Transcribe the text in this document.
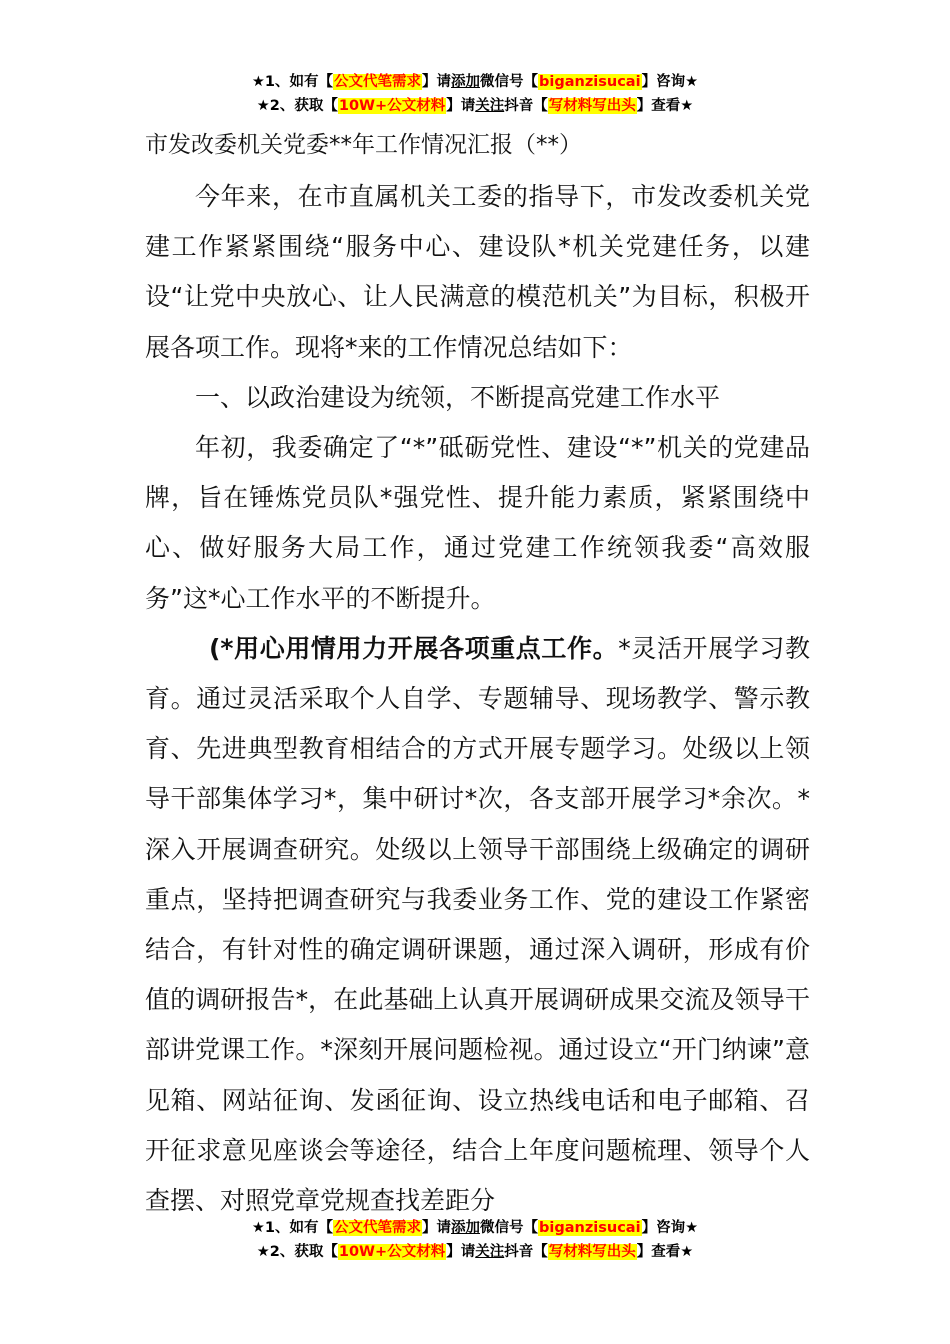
★1、如有【公文代笔需求】请添加微信号【biganzisucai】咨询★
★2、获取【10W+公文材料】请关注抖音【写材料写出头】查看★
市发改委机关党委**年工作情况汇报（**）

今年来，在市直属机关工委的指导下，市发改委机关党建工作紧紧围绕“服务中心、建设队*机关党建任务，以建设“让党中央放心、让人民满意的模范机关”为目标，积极开展各项工作。现将*来的工作情况总结如下：

一、以政治建设为统领，不断提高党建工作水平

年初，我委确定了“*”砥砺党性、建设“*”机关的党建品牌，旨在锤炼党员队*强党性、提升能力素质，紧紧围绕中心、做好服务大局工作，通过党建工作统领我委“高效服务”这*心工作水平的不断提升。

(*用心用情用力开展各项重点工作。*灵活开展学习教育。通过灵活采取个人自学、专题辅导、现场教学、警示教育、先进典型教育相结合的方式开展专题学习。处级以上领导干部集体学习*，集中研讨*次，各支部开展学习*余次。*深入开展调查研究。处级以上领导干部围绕上级确定的调研重点，坚持把调查研究与我委业务工作、党的建设工作紧密结合，有针对性的确定调研课题，通过深入调研，形成有价值的调研报告*，在此基础上认真开展调研成果交流及领导干部讲党课工作。*深刻开展问题检视。通过设立“开门纳谏”意见箱、网站征询、发函征询、设立热线电话和电子邮箱、召开征求意见座谈会等途径，结合上年度问题梳理、领导个人查摆、对照党章党规查找差距分

★1、如有【公文代笔需求】请添加微信号【biganzisucai】咨询★
★2、获取【10W+公文材料】请关注抖音【写材料写出头】查看★
